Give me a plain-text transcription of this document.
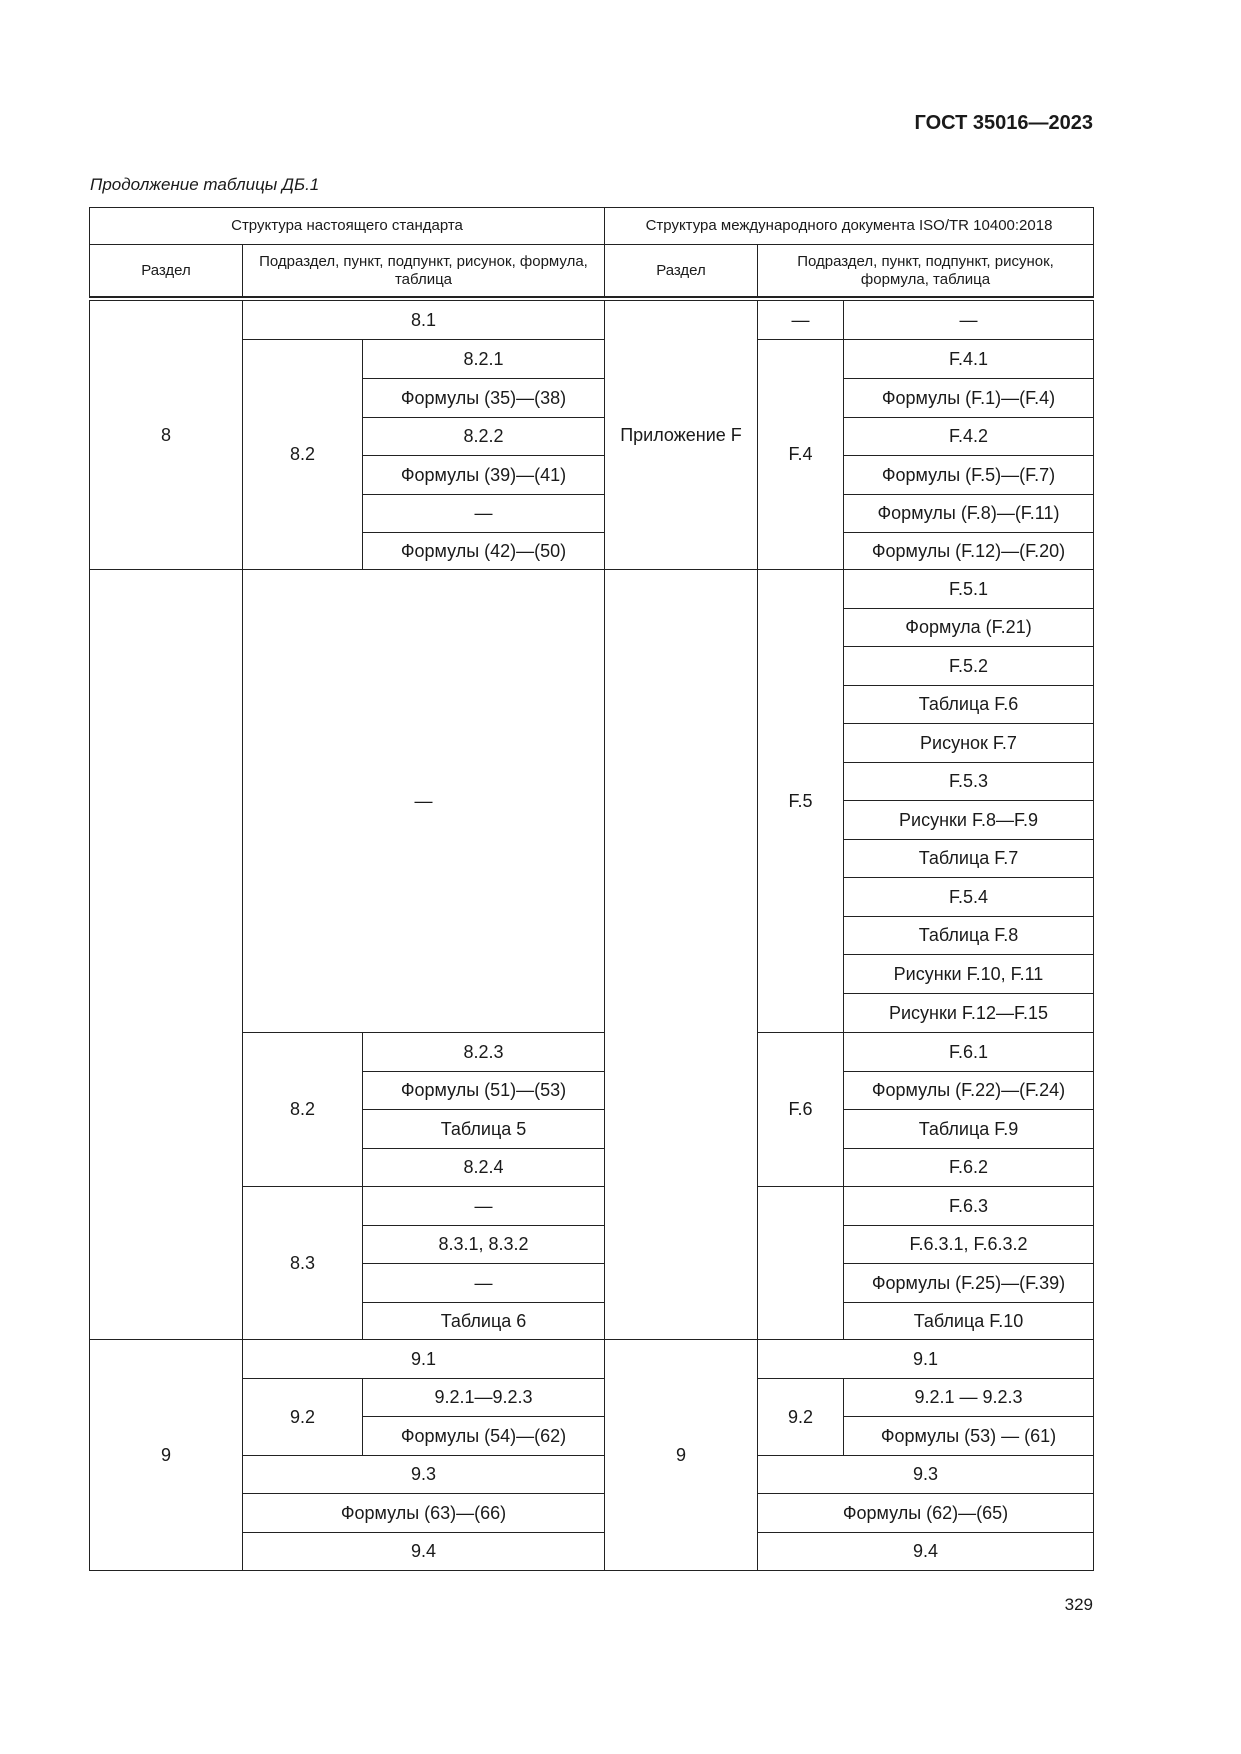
ГОСТ 35016—2023
Продолжение таблицы ДБ.1
Структура настоящего стандарта	Структура международного документа ISO/TR 10400:2018
Раздел
Подраздел, пункт, подпункт, рисунок, формула, таблица
Раздел
Подраздел, пункт, подпункт, рисунок, формула, таблица
8
8.1
8.2
8.2.1
Формулы (35)—(38)
8.2.2
Формулы (39)—(41)
—
Формулы (42)—(50)
Приложение F
—	—
F.4
F.4.1
Формулы (F.1)—(F.4)
F.4.2
Формулы (F.5)—(F.7)
Формулы (F.8)—(F.11)
Формулы (F.12)—(F.20)
—
8.2
8.2.3
Формулы (51)—(53)
Таблица 5
8.2.4
8.3
—
8.3.1, 8.3.2
—
Таблица 6
F.5
F.5.1
Формула (F.21)
F.5.2
Таблица F.6
Рисунок F.7
F.5.3
Рисунки F.8—F.9
Таблица F.7
F.5.4
Таблица F.8
Рисунки F.10, F.11
Рисунки F.12—F.15
F.6
F.6.1
Формулы (F.22)—(F.24)
Таблица F.9
F.6.2
F.6.3
F.6.3.1, F.6.3.2
Формулы (F.25)—(F.39)
Таблица F.10
9
9.1
9.2
9.2.1—9.2.3
Формулы (54)—(62)
9.3
Формулы (63)—(66)
9.4
9
9.1
9.2
9.2.1 — 9.2.3
Формулы (53) — (61)
9.3
Формулы (62)—(65)
9.4
329
